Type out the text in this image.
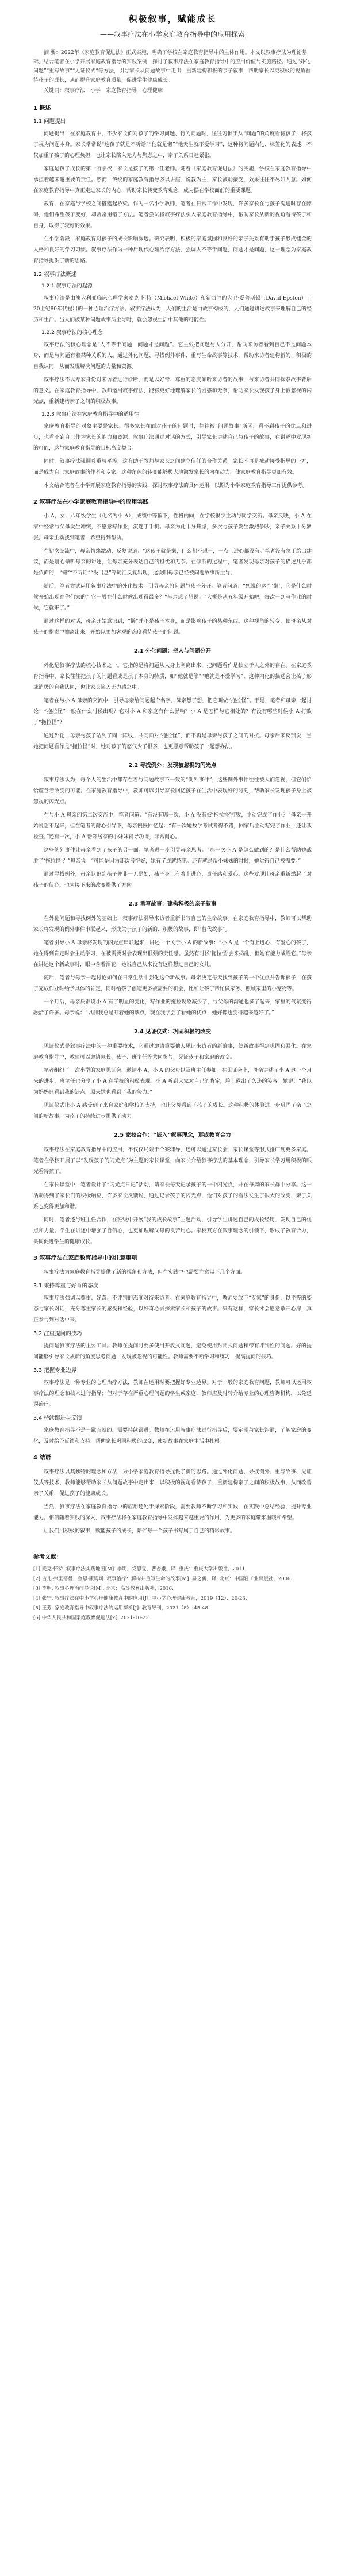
积极叙事，赋能成长
——叙事疗法在小学家庭教育指导中的应用探索

摘 要：2022年《家庭教育促进法》正式实施，明确了学校在家庭教育指导中的主体作用。本文以叙事疗法为理论基础，结合笔者在小学开展家庭教育指导的实践案例，探讨了叙事疗法在家庭教育指导中的应用价值与实施路径。通过“外化问题”“重写故事”“见证仪式”等方法，引导家长从问题故事中走出，重新建构积极的亲子叙事，帮助家长以更积极的视角看待孩子的成长，从而提升家庭教育质量，促进学生健康成长。

关键词：叙事疗法　小学　家庭教育指导　心理健康

1 概述
1.1 问题提出
问题提出：在家庭教育中，不少家长面对孩子的学习问题、行为问题时，往往习惯于从“问题”的角度看待孩子，将孩子视为问题本身。家长常常说“这孩子就是不听话”“他就是懒”“他天生就不爱学习”，这种将问题内化、标签化的表述，不仅加重了孩子的心理负担，也让家长陷入无力与焦虑之中，亲子关系日趋紧张。
家庭是孩子成长的第一所学校，家长是孩子的第一任老师。随着《家庭教育促进法》的实施，学校在家庭教育指导中承担着越来越重要的责任。然而，传统的家庭教育指导多以讲座、说教为主，家长被动接受，效果往往不尽如人意。如何在家庭教育指导中真正走进家长的内心，帮助家长转变教育观念，成为摆在学校面前的重要课题。
教育，在家庭与学校之间搭建起桥梁。作为一名小学教师，笔者在日常工作中发现，许多家长在与孩子沟通时存在障碍，他们希望孩子变好，却常常用错了方法。笔者尝试将叙事疗法引入家庭教育指导中，帮助家长从新的视角看待孩子和自身，取得了较好的效果。
在小学阶段，家庭教育对孩子的成长影响深远。研究表明，积极的家庭氛围和良好的亲子关系有助于孩子形成健全的人格和良好的学习习惯。叙事疗法作为一种后现代心理治疗方法，强调人不等于问题，问题才是问题，这一理念为家庭教育指导提供了新的思路。
1.2 叙事疗法概述
1.2.1 叙事疗法的起源
叙事疗法是由澳大利亚临床心理学家麦克·怀特（Michael White）和新西兰的大卫·爱普斯顿（David Epston）于20世纪80年代提出的一种心理治疗方法。叙事疗法认为，人们的生活是由故事构成的，人们通过讲述故事来理解自己的经历和生活。当人们被某种问题故事所主导时，就会忽视生活中其他的可能性。
1.2.2 叙事疗法的核心理念
叙事疗法的核心理念是“人不等于问题，问题才是问题”。它主张把问题与人分开，帮助来访者看到自己不是问题本身，而是与问题有着某种关系的人。通过外化问题、寻找例外事件、重写生命故事等技术，帮助来访者建构新的、积极的自我认同，从而发现解决问题的力量和资源。
叙事疗法不以专家身份对来访者进行诊断，而是以好奇、尊重的态度倾听来访者的故事，与来访者共同探索故事背后的意义。在家庭教育指导中，教师运用叙事疗法，能够更好地理解家长的困惑和无奈，帮助家长发现孩子身上被忽视的闪光点，重新建构亲子之间的积极故事。
1.2.3 叙事疗法在家庭教育指导中的适用性
家庭教育指导的对象主要是家长。很多家长在面对孩子的问题时，往往被“问题故事”所困，看不到孩子的优点和进步，也看不到自己作为家长的能力和资源。叙事疗法通过对话的方式，引导家长讲述自己与孩子的故事，在讲述中发现新的可能，这与家庭教育指导的目标高度契合。
同时，叙事疗法强调尊重与平等，这有助于教师与家长之间建立信任的合作关系。家长不再是被动接受指导的一方，而是成为自己家庭故事的作者和专家，这种角色的转变能够极大地激发家长的内在动力，使家庭教育指导更加有效。
本文结合笔者在小学开展家庭教育指导的实践，探讨叙事疗法的具体运用，以期为小学家庭教育指导工作提供参考。
2 叙事疗法在小学家庭教育指导中的应用实践
小 A，女，八年级学生（化名为小 A），成绩中等偏下，性格内向，在学校很少主动与同学交流。母亲反映，小 A 在家中经常与父母发生冲突，不愿意写作业，沉迷于手机。母亲为此十分焦虑，多次与孩子发生激烈争吵，亲子关系十分紧张。母亲主动找到笔者，希望得到帮助。
在初次交流中，母亲情绪激动，反复说道：“这孩子就是懒，什么都不想干，一点上进心都没有。”笔者没有急于给出建议，而是耐心倾听母亲的讲述，让母亲充分表达自己的担忧和无奈。在倾听的过程中，笔者发现母亲对孩子的描述几乎都是负面的，“懒”“不听话”“没出息”等词汇反复出现，这说明母亲已经被问题故事所主导。
随后，笔者尝试运用叙事疗法中的外化技术，引导母亲将问题与孩子分开。笔者问道：“您说的这个‘懒’，它是什么时候开始出现在你们家的？它一般在什么时候出现得最多？”母亲想了想说：“大概是从五年级开始吧，每次一到写作业的时候，它就来了。”
通过这样的对话，母亲开始意识到，“懒”并不是孩子本身，而是影响孩子的某种东西。这种视角的转变，使母亲从对孩子的指责中抽离出来，开始以更加客观的态度看待孩子的问题。
2.1 外化问题：把人与问题分开
外化是叙事疗法的核心技术之一。它指的是将问题从人身上剥离出来，把问题看作是独立于人之外的存在。在家庭教育指导中，家长往往把孩子的问题看成是孩子本身的特质，如“他就是笨”“她就是不爱学习”，这种内化的描述会让孩子形成消极的自我认同，也让家长陷入无力感之中。
笔者在与小 A 母亲的交流中，引导母亲给问题起个名字。母亲想了想，把它叫做“拖拉怪”。于是，笔者和母亲一起讨论：“拖拉怪”一般在什么时候出现？它对小 A 和家庭有什么影响？小 A 是怎样与它相处的？有没有哪些时候小 A 打败了“拖拉怪”？
通过外化，母亲与孩子站到了同一阵线，共同面对“拖拉怪”，而不再是母亲与孩子之间的对抗。母亲后来反馈说，当她把问题看作是“拖拉怪”时，她对孩子的怒气少了很多，也更愿意帮助孩子一起想办法。
2.2 寻找例外：发现被忽视的闪光点
叙事疗法认为，每个人的生活中都存在着与问题故事不一致的“例外事件”，这些例外事件往往被人们忽视，但它们恰恰蕴含着改变的可能。在家庭教育指导中，教师可以引导家长回忆孩子在生活中表现好的时刻，帮助家长发现孩子身上被忽视的闪光点。
在与小 A 母亲的第二次交流中，笔者问道：“有没有哪一次，小 A 没有被‘拖拉怪’打败，主动完成了作业？”母亲一开始说想不起来，但在笔者的耐心引导下，母亲慢慢回忆起：“有一次她数学考试考得不错，回家后主动写完了作业，还让我检查。”还有一次，小 A 帮邻居家的小妹妹辅导功课，非常耐心。
这些例外事件让母亲看到了孩子的另一面。笔者进一步引导母亲思考：“那一次小 A 是怎么做到的？是什么帮助她战胜了‘拖拉怪’？”母亲说：“可能是因为那次考得好，她有了成就感吧。还有就是帮小妹妹的时候，她觉得自己被需要。”
通过寻找例外，母亲认识到孩子并非一无是处，孩子身上有着上进心、责任感和爱心。这些发现让母亲重新燃起了对孩子的信心，也为接下来的改变提供了方向。
2.3 重写故事：建构积极的亲子叙事
在外化问题和寻找例外的基础上，叙事疗法引导来访者重新书写自己的生命故事。在家庭教育指导中，教师可以帮助家长将发现的例外事件串联起来，形成关于孩子的新的、积极的故事，即“替代故事”。
笔者引导小 A 母亲将发现的闪光点串联起来，讲述一个关于小 A 的新故事：“小 A 是一个有上进心、有爱心的孩子，她在得到肯定时会主动学习，在被需要时会表现出很强的责任感。虽然有时候‘拖拉怪’会来捣乱，但她有能力战胜它。”母亲在讲述这个新故事时，眼中含着泪花，她说自己从来没有这样想过自己的女儿。
随后，笔者与母亲一起讨论如何在日常生活中强化这个新故事。母亲决定每天找到孩子的一个优点并告诉孩子，在孩子完成作业时给予具体的肯定，同时给孩子创造更多被需要的机会，比如让孩子帮忙做家务、照顾家里的小宠物等。
一个月后，母亲反馈说小 A 有了明显的变化，写作业的拖拉现象减少了，与父母的沟通也多了起来，家里的气氛变得融洽了许多。母亲说：“以前我总是盯着她的缺点，现在我学会了看她的优点，她好像也变得越来越好了。”
2.4 见证仪式：巩固积极的改变
见证仪式是叙事疗法中的一种重要技术，它通过邀请重要他人见证来访者的新故事，使新故事得到巩固和强化。在家庭教育指导中，教师可以邀请家长、孩子、班主任等共同参与，见证孩子和家庭的改变。
笔者组织了一次小型的家庭见证会，邀请小 A、小 A 的父母以及班主任参加。在见证会上，母亲讲述了小 A 这一个月来的进步，班主任也分享了小 A 在学校的积极表现。小 A 听到大家对自己的肯定，脸上露出了久违的笑容。她说：“我以为妈妈只看到我的缺点，原来她也看到了我的努力。”
见证仪式让小 A 感受到了来自家庭和学校的支持，也让父母看到了孩子的成长。这种积极的体验进一步巩固了亲子之间的新故事，为孩子的持续进步提供了动力。
2.5 家校合作：“嵌入”叙事理念，形成教育合力
叙事疗法在家庭教育指导中的应用，不仅仅局限于个案辅导，还可以通过家长会、家长课堂等形式推广到更多家庭。笔者在学校开展了以“发现孩子的闪光点”为主题的家长课堂，向家长介绍叙事疗法的基本理念，引导家长学习用积极的眼光看待孩子。
在家长课堂中，笔者设计了“闪光点日记”活动，请家长每天记录孩子的一个闪光点，并在每周的家长群中分享。这一活动得到了家长们的积极响应，许多家长反馈说，通过记录孩子的闪光点，他们对孩子的看法发生了很大的改变，亲子关系也变得更加和谐。
同时，笔者还与班主任合作，在班级中开展“我的成长故事”主题活动，引导学生讲述自己的成长经历，发现自己的优点和力量。学生在讲述中增强了自信心，也更加理解父母的良苦用心。家校双方在叙事理念的引领下，形成了教育合力，共同促进学生的健康成长。
3 叙事疗法在家庭教育指导中的注意事项
叙事疗法为家庭教育指导提供了新的视角和方法，但在实践中也需要注意以下几个方面。
3.1 秉持尊重与好奇的态度
叙事疗法强调以尊重、好奇、不评判的态度对待来访者。在家庭教育指导中，教师要放下“专家”的身份，以平等的姿态与家长对话，充分尊重家长的感受和经验，以好奇心去探索家长和孩子的故事。只有这样，家长才会愿意敞开心扉，真正参与到对话中来。
3.2 注重提问的技巧
提问是叙事疗法的主要工具。教师在提问时要多使用开放式问题，避免使用封闭式问题和带有评判性的问题。好的提问能够引导家长从新的角度思考问题，发现被忽视的可能性。教师需要不断学习和练习，提高提问的技巧。
3.3 把握专业边界
叙事疗法是一种专业的心理治疗方法，教师在运用时要把握好专业边界。对于一般的家庭教育问题，教师可以运用叙事疗法的理念和技术进行指导；但对于存在严重心理问题的学生或家庭，教师应及时转介给专业的心理咨询机构，以免延误治疗。
3.4 持续跟进与反馈
家庭教育指导不是一蹴而就的，需要持续跟进。教师在运用叙事疗法进行指导后，要定期与家长沟通，了解家庭的变化，及时给予反馈和支持，帮助家长巩固积极的改变，使新故事在家庭生活中扎根。
4 结语
叙事疗法以其独特的理念和方法，为小学家庭教育指导提供了新的思路。通过外化问题、寻找例外、重写故事、见证仪式等技术，教师能够帮助家长从问题故事中走出来，以积极的视角看待孩子，重新建构亲子之间的积极故事，从而改善亲子关系，促进孩子的健康成长。
当然，叙事疗法在家庭教育指导中的应用还处于探索阶段，需要教师不断学习和实践，在实践中总结经验，提升专业能力。相信随着实践的深入，叙事疗法将在家庭教育指导中发挥越来越重要的作用，为更多的家庭带来温暖和希望。
让我们用积极的叙事，赋能孩子的成长，陪伴每一个孩子书写属于自己的精彩故事。
参考文献：
[1] 麦克·怀特. 叙事疗法实践地图[M]. 李明，党静雯，曹杏娥，译. 重庆：重庆大学出版社，2011.
[2] 吉儿·弗里德曼，金恩·康姆斯. 叙事治疗：解构并重写生命的故事[M]. 易之新，译. 北京：中国轻工业出版社，2006.
[3] 李明. 叙事心理治疗导论[M]. 北京：高等教育出版社，2016.
[4] 张宁. 叙事疗法在中小学心理健康教育中的应用[J]. 中小学心理健康教育，2019（12）：20-23.
[5] 王芳. 家庭教育指导中叙事疗法的运用探析[J]. 教育导刊，2021（8）：45-48.
[6] 中华人民共和国家庭教育促进法[Z]. 2021-10-23.
